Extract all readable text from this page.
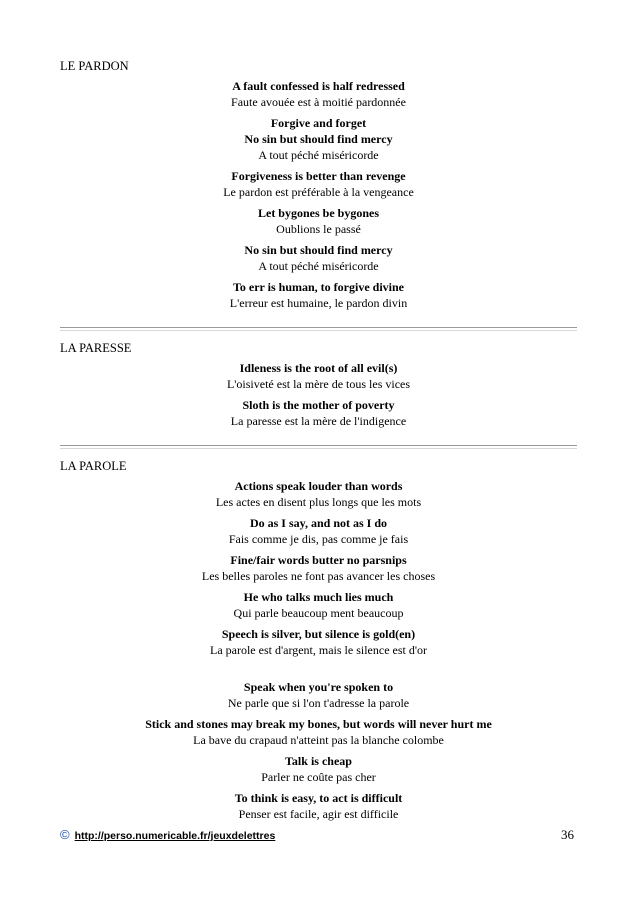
LE PARDON
A fault confessed is half redressed
Faute avouée est à moitié pardonnée
Forgive and forget
No sin but should find mercy
A tout péché miséricorde
Forgiveness is better than revenge
Le pardon est préférable à la vengeance
Let bygones be bygones
Oublions le passé
No sin but should find mercy
A tout péché miséricorde
To err is human, to forgive divine
L'erreur est humaine, le pardon divin
LA PARESSE
Idleness is the root of all evil(s)
L'oisiveté est la mère de tous les vices
Sloth is the mother of poverty
La paresse est la mère de l'indigence
LA PAROLE
Actions speak louder than words
Les actes en disent plus longs que les mots
Do as I say, and not as I do
Fais comme je dis, pas comme je fais
Fine/fair words butter no parsnips
Les belles paroles ne font pas avancer les choses
He who talks much lies much
Qui parle beaucoup ment beaucoup
Speech is silver, but silence is gold(en)
La parole est d'argent, mais le silence est d'or
Speak when you're spoken to
Ne parle que si l'on t'adresse la parole
Stick and stones may break my bones, but words will never hurt me
La bave du crapaud n'atteint pas la blanche colombe
Talk is cheap
Parler ne coûte pas cher
To think is easy, to act is difficult
Penser est facile, agir est difficile
© http://perso.numericable.fr/jeuxdelettres	36
